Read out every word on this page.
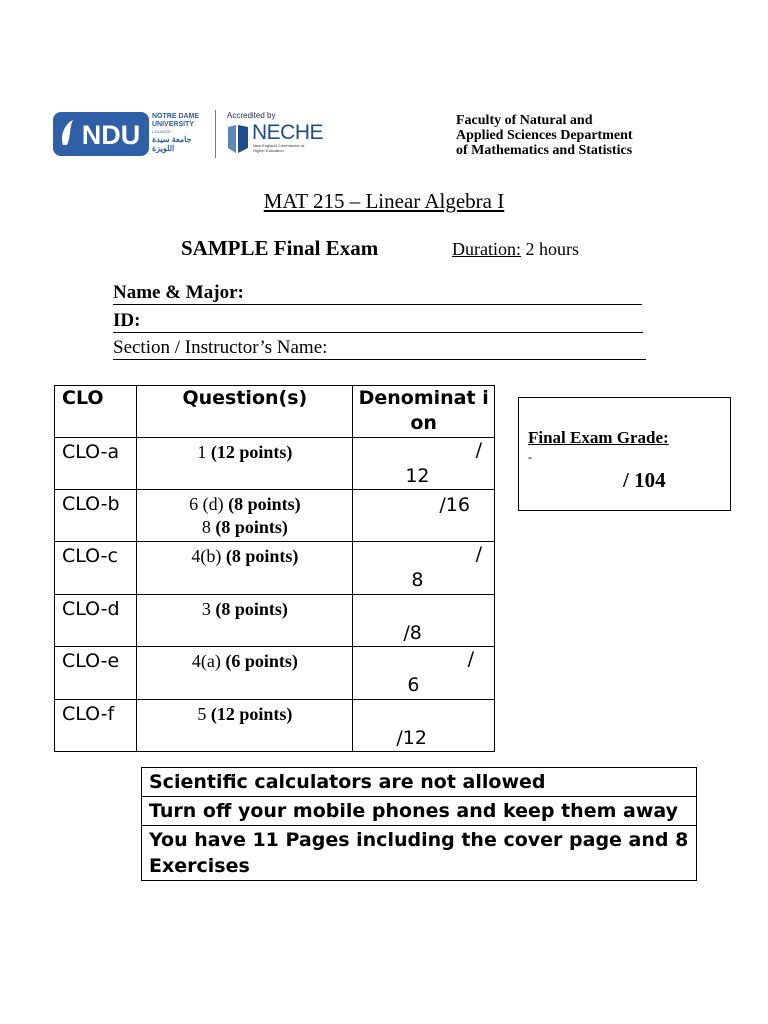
NDU
NOTRE DAME UNIVERSITY
LOUAIZE
جامعة سيدة اللويزة
Accredited by
NECHE
New England Commission of Higher Education
Faculty of Natural and
Applied Sciences Department
of Mathematics and Statistics
MAT 215 – Linear Algebra I
SAMPLE Final Exam	Duration: 2 hours
Name & Major:
ID:
Section / Instructor’s Name:
CLO	Question(s)	Denominat ion
CLO-a	1 (12 points)	/
12

CLO-b	6 (d) (8 points)
8 (8 points)	/16

CLO-c	4(b) (8 points)	/
8

CLO-d	3 (8 points)	/8

CLO-e	4(a) (6 points)	/
6

CLO-f	5 (12 points)	/12
Final Exam Grade:
-
/ 104
Scientific calculators are not allowed
Turn off your mobile phones and keep them away
You have 11 Pages including the cover page and 8 Exercises
